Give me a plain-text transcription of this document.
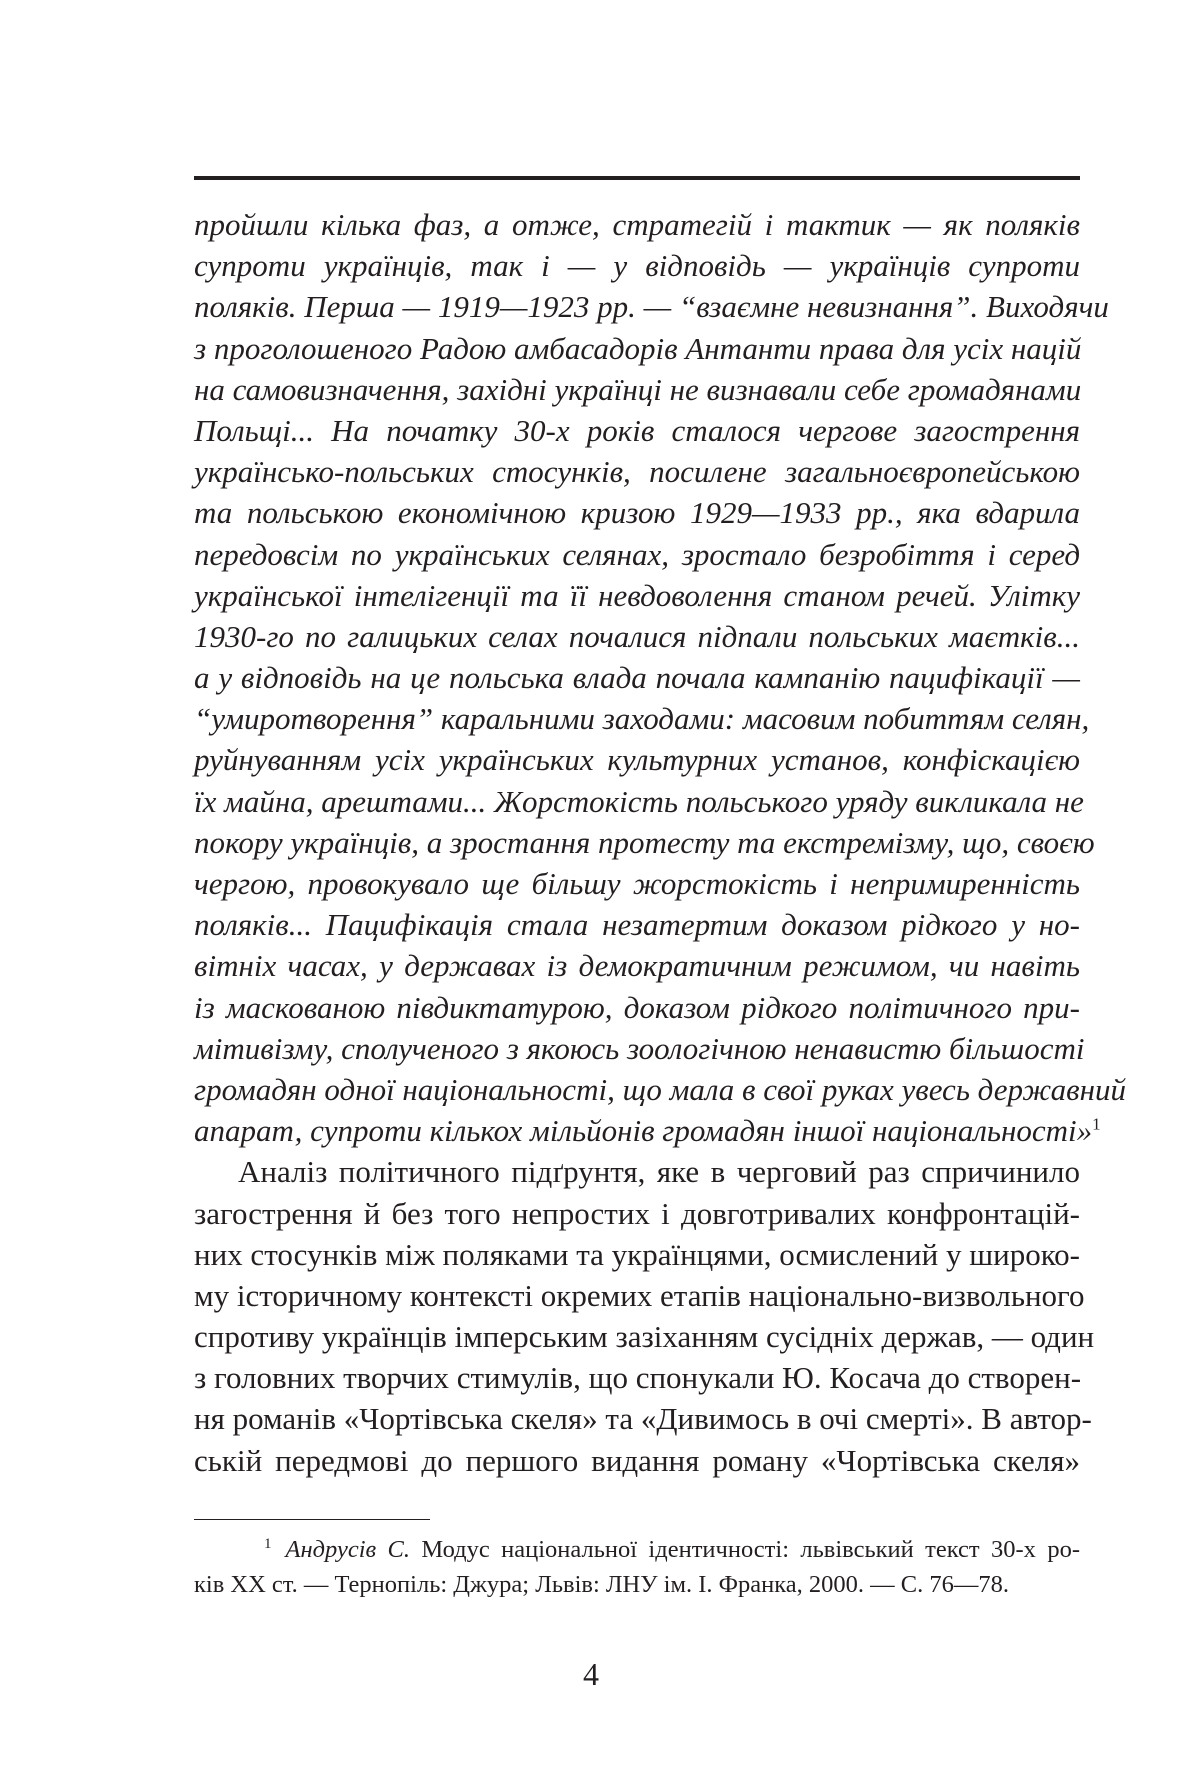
пройшли кілька фаз, а отже, стратегій і тактик — як поляків
супроти українців, так і — у відповідь — українців супроти
поляків. Перша — 1919—1923 рр. — “взаємне невизнання”. Виходячи
з проголошеного Радою амбасадорів Антанти права для усіх націй
на самовизначення, західні українці не визнавали себе громадянами
Польщі... На початку 30-х років сталося чергове загострення
українсько-польських стосунків, посилене загальноєвропейською
та польською економічною кризою 1929—1933 рр., яка вдарила
передовсім по українських селянах, зростало безробіття і серед
української інтелігенції та її невдоволення станом речей. Улітку
1930-го по галицьких селах почалися підпали польських маєтків...
а у відповідь на це польська влада почала кампанію пацифікації —
“умиротворення” каральними заходами: масовим побиттям селян,
руйнуванням усіх українських культурних установ, конфіскацією
їх майна, арештами... Жорстокість польського уряду викликала не
покору українців, а зростання протесту та екстремізму, що, своєю
чергою, провокувало ще більшу жорстокість і непримиренність
поляків... Пацифікація стала незатертим доказом рідкого у но-
вітніх часах, у державах із демократичним режимом, чи навіть
із маскованою півдиктатурою, доказом рідкого політичного при-
мітивізму, сполученого з якоюсь зоологічною ненавистю більшості
громадян одної національності, що мала в свої руках увесь державний
апарат, супроти кількох мільйонів громадян іншої національності»$^1$
Аналіз політичного підґрунтя, яке в черговий раз спричинило
загострення й без того непростих і довготривалих конфронтацій-
них стосунків між поляками та українцями, осмислений у широко-
му історичному контексті окремих етапів національно-визвольного
спротиву українців імперським зазіханням сусідніх держав, — один
з головних творчих стимулів, що спонукали Ю. Косача до створен-
ня романів «Чортівська скеля» та «Дивимось в очі смерті». В автор-
ській передмові до першого видання роману «Чортівська скеля»
$^1$ Андрусів С. Модус національної ідентичності: львівський текст 30-х ро-
ків XX ст. — Тернопіль: Джура; Львів: ЛНУ ім. І. Франка, 2000. — С. 76—78.
4
